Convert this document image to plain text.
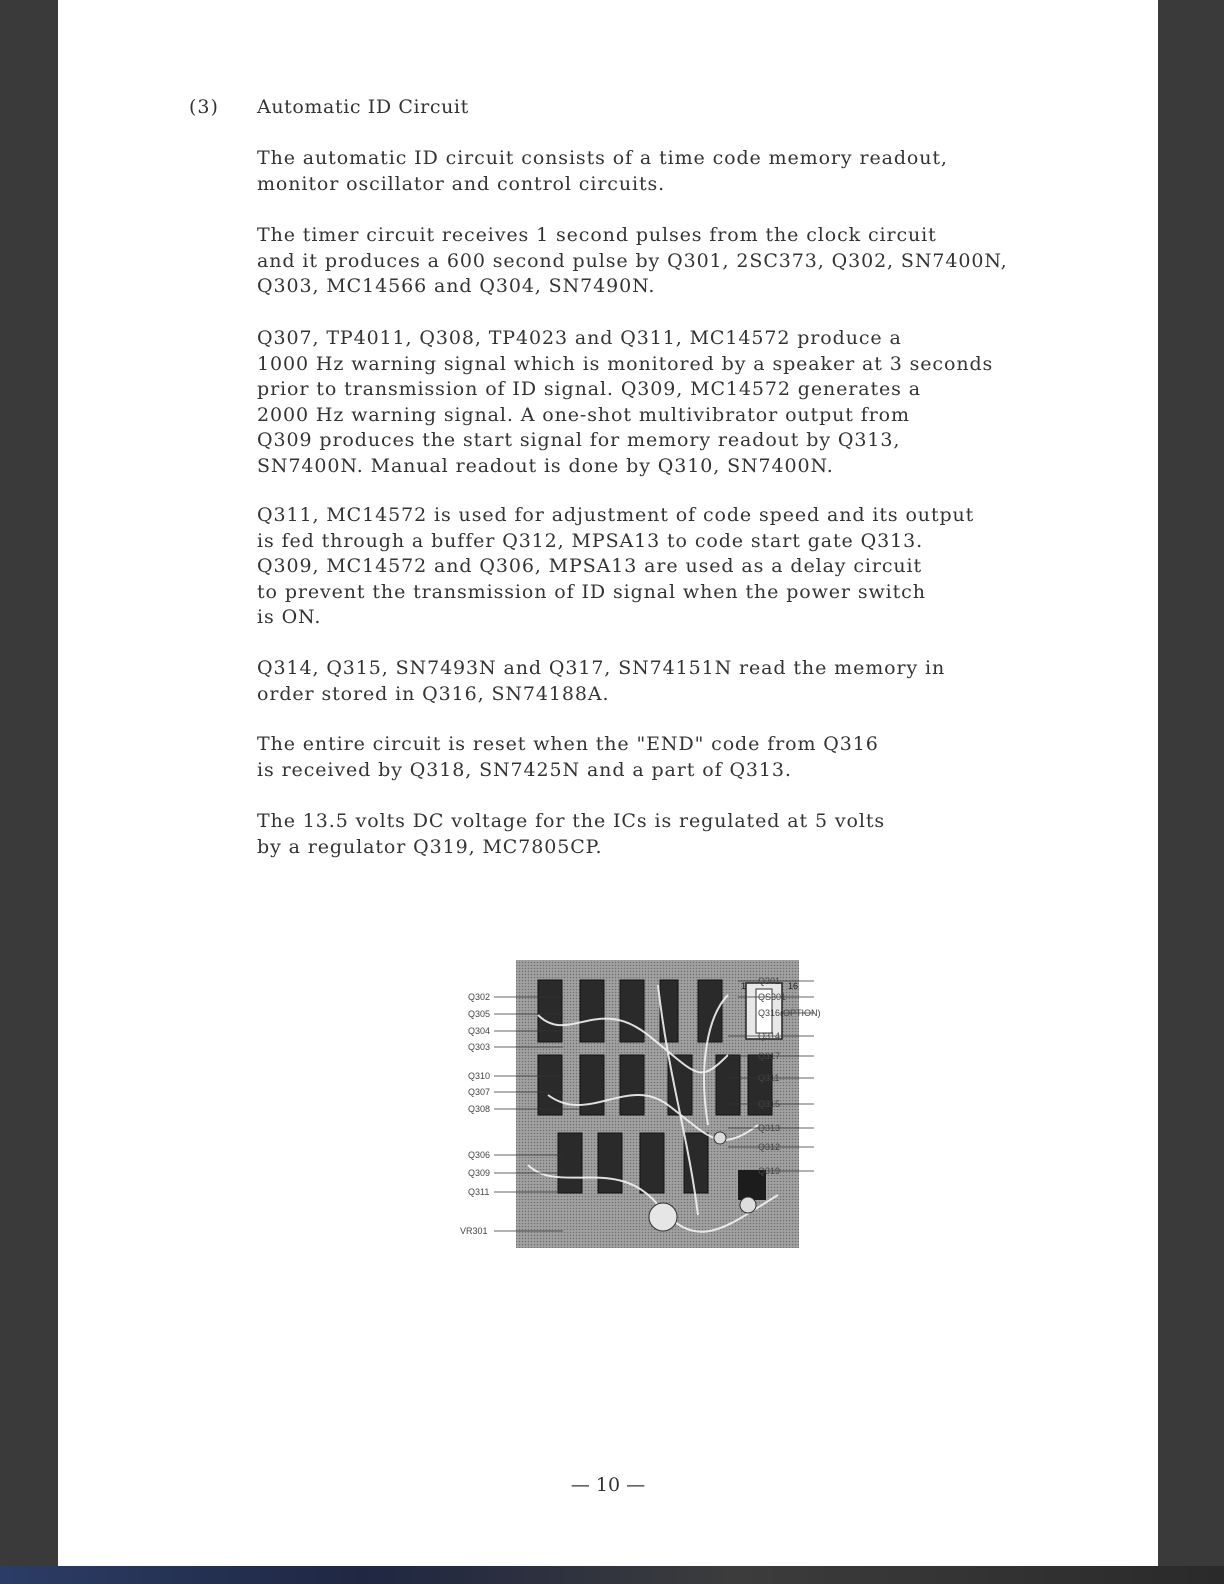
(3) Automatic ID Circuit

The automatic ID circuit consists of a time code memory readout,
monitor oscillator and control circuits.

The timer circuit receives 1 second pulses from the clock circuit
and it produces a 600 second pulse by Q301, 2SC373, Q302, SN7400N,
Q303, MC14566 and Q304, SN7490N.

Q307, TP4011, Q308, TP4023 and Q311, MC14572 produce a
1000 Hz warning signal which is monitored by a speaker at 3 seconds
prior to transmission of ID signal. Q309, MC14572 generates a
2000 Hz warning signal. A one-shot multivibrator output from
Q309 produces the start signal for memory readout by Q313,
SN7400N. Manual readout is done by Q310, SN7400N.

Q311, MC14572 is used for adjustment of code speed and its output
is fed through a buffer Q312, MPSA13 to code start gate Q313.
Q309, MC14572 and Q306, MPSA13 are used as a delay circuit
to prevent the transmission of ID signal when the power switch
is ON.

Q314, Q315, SN7493N and Q317, SN74151N read the memory in
order stored in Q316, SN74188A.

The entire circuit is reset when the "END" code from Q316
is received by Q318, SN7425N and a part of Q313.

The 13.5 volts DC voltage for the ICs is regulated at 5 volts
by a regulator Q319, MC7805CP.

16
1
Q302
Q305
Q304
Q303
Q310
Q307
Q308
Q306
Q309
Q311
VR301
Q301
QS301
Q316(OPTION)
Q314
Q317
Q311
Q315
Q313
Q312
Q319
— 10 —
